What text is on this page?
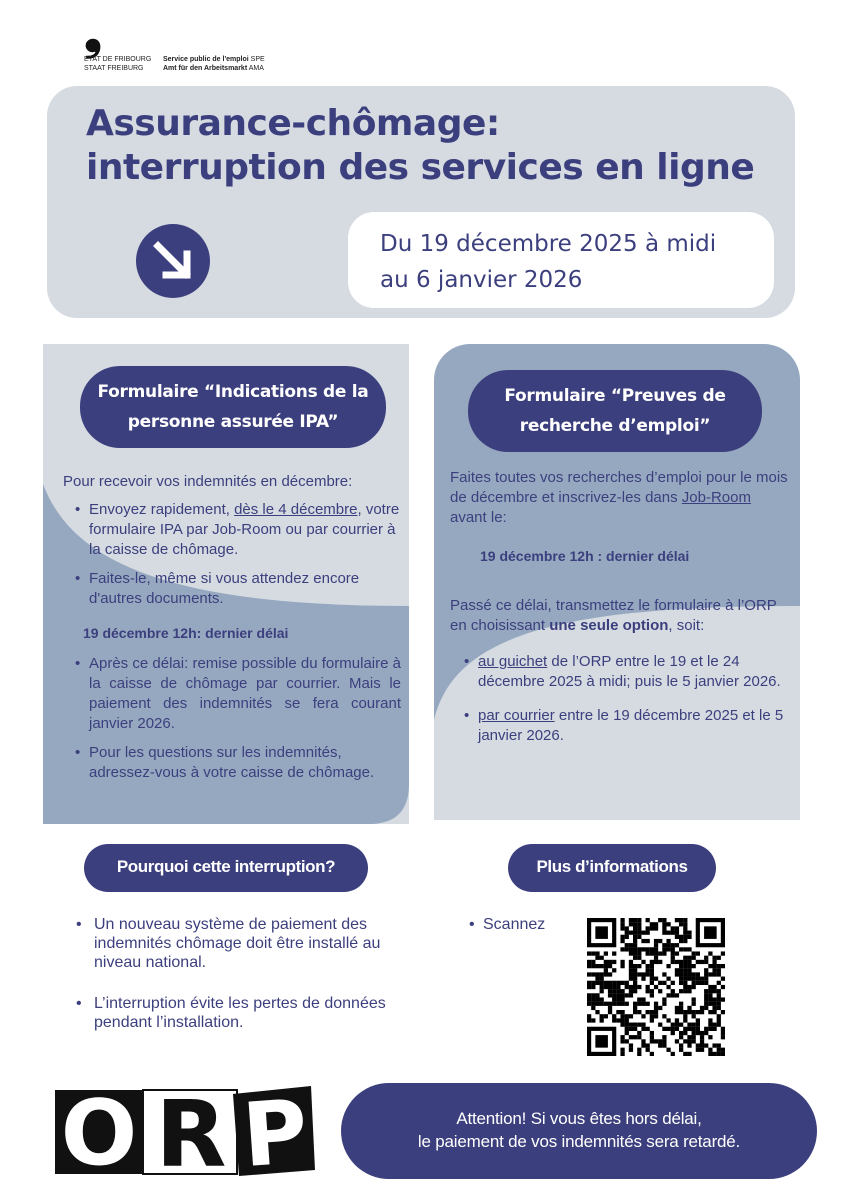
❟
ETAT DE FRIBOURG
STAAT FREIBURG
Service public de l'emploi SPE
Amt für den Arbeitsmarkt AMA
Assurance-chômage:
interruption des services en ligne
Du 19 décembre 2025 à midi
au 6 janvier 2026
Formulaire “Indications de la
personne assurée IPA”
Pour recevoir vos indemnités en décembre:
• Envoyez rapidement, dès le 4 décembre, votre formulaire IPA par Job-Room ou par courrier à la caisse de chômage.
• Faites-le, même si vous attendez encore d'autres documents.
19 décembre 12h: dernier délai
• Après ce délai: remise possible du formulaire à la caisse de chômage par courrier. Mais le paiement des indemnités se fera courant janvier 2026.
• Pour les questions sur les indemnités, adressez-vous à votre caisse de chômage.
Formulaire “Preuves de
recherche d’emploi”
Faites toutes vos recherches d’emploi pour le mois de décembre et inscrivez-les dans Job-Room avant le:
19 décembre 12h : dernier délai
Passé ce délai, transmettez le formulaire à l’ORP en choisissant une seule option, soit:
• au guichet de l’ORP entre le 19 et le 24 décembre 2025 à midi; puis le 5 janvier 2026.
• par courrier entre le 19 décembre 2025 et le 5 janvier 2026.
Pourquoi cette interruption?
• Un nouveau système de paiement des indemnités chômage doit être installé au niveau national.
• L’interruption évite les pertes de données pendant l’installation.
Plus d’informations
• Scannez
O R P	Attention! Si vous êtes hors délai,
le paiement de vos indemnités sera retardé.
